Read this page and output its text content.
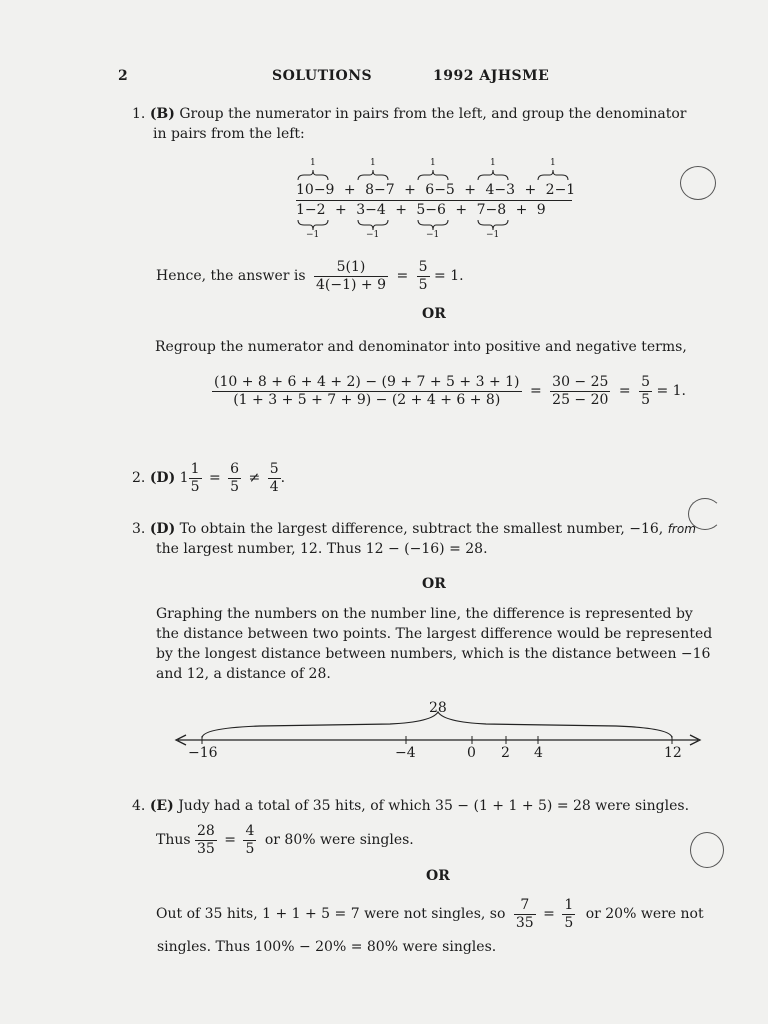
2	SOLUTIONS	1992 AJHSME
1. (B) Group the numerator in pairs from the left, and group the denominator
in pairs from the left:
1	1	1	1	1
10−9 + 8−7 + 6−5 + 4−3 + 2−1
1−2 + 3−4 + 5−6 + 7−8 + 9
−1	−1	−1	−1
Hence, the answer is $\frac{5(1)}{4(-1) + 9} = \frac{5}{5} = 1$.
OR
Regroup the numerator and denominator into positive and negative terms,
$\frac{(10 + 8 + 6 + 4 + 2) - (9 + 7 + 5 + 3 + 1)}{(1 + 3 + 5 + 7 + 9) - (2 + 4 + 6 + 8)} = \frac{30 - 25}{25 - 20} = \frac{5}{5} = 1$.
2. (D) $1 \frac{1}{5} = \frac{6}{5} \ne \frac{5}{4}$ .
3. (D) To obtain the largest difference, subtract the smallest number, −16, from
the largest number, 12. Thus 12 − (−16) = 28.
OR
Graphing the numbers on the number line, the difference is represented by
the distance between two points. The largest difference would be represented
by the longest distance between numbers, which is the distance between −16
and 12, a distance of 28.
28
−16	−4	0 2 4	12
4. (E) Judy had a total of 35 hits, of which 35 − (1 + 1 + 5) = 28 were singles.
Thus $\frac{28}{35} = \frac{4}{5}$ or 80% were singles.
OR
Out of 35 hits, 1 + 1 + 5 = 7 were not singles, so $\frac{7}{35} = \frac{1}{5}$ or 20% were not
singles. Thus 100% − 20% = 80% were singles.
